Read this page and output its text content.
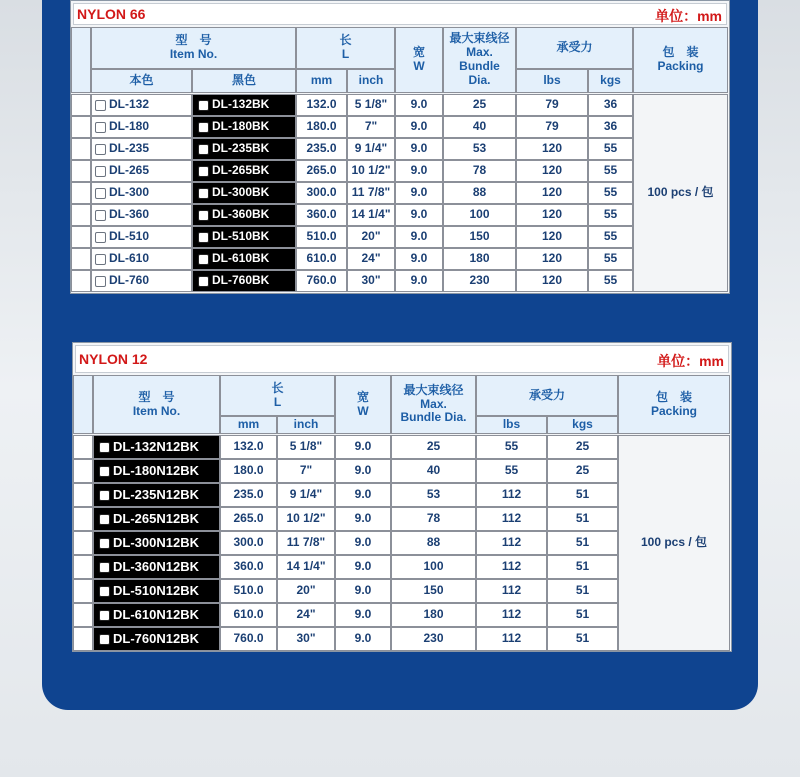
NYLON 66	单位：mm
型　号
Item No.
本色	黑色
长
L
mm inch
宽
W
最大束线径
Max.
Bundle
Dia.
承受力
lbs	kgs
包　装
Packing
DL-132	DL-132BK	132.0 5 1/8" 9.0	25	79	36
DL-180	DL-180BK	180.0 7"	9.0	40	79	36
DL-235	DL-235BK	235.0 9 1/4" 9.0	53	120	55
DL-265	DL-265BK	265.0 10 1/2" 9.0	78	120	55
DL-300	DL-300BK	300.0 11 7/8" 9.0	88	120	55
DL-360	DL-360BK	360.0 14 1/4" 9.0	100	120	55
DL-510	DL-510BK	510.0 20"	9.0	150	120	55
DL-610	DL-610BK	610.0 24"	9.0	180	120	55
DL-760	DL-760BK	760.0 30"	9.0	230	120	55
100 pcs / 包
NYLON 12	单位：mm
型　号
Item No.
长
L
mm	inch
宽
W
最大束线径
Max.
Bundle Dia.
承受力
lbs	kgs
包　装
Packing
DL-132N12BK	132.0 5 1/8"	9.0	25	55	25
DL-180N12BK	180.0	7"	9.0	40	55	25
DL-235N12BK	235.0 9 1/4"	9.0	53	112	51
DL-265N12BK	265.0 10 1/2" 9.0	78	112	51
DL-300N12BK	300.0 11 7/8" 9.0	88	112	51
DL-360N12BK	360.0 14 1/4" 9.0	100	112	51
DL-510N12BK	510.0	20"	9.0	150	112	51
DL-610N12BK	610.0	24"	9.0	180	112	51
DL-760N12BK	760.0	30"	9.0	230	112	51
100 pcs / 包
